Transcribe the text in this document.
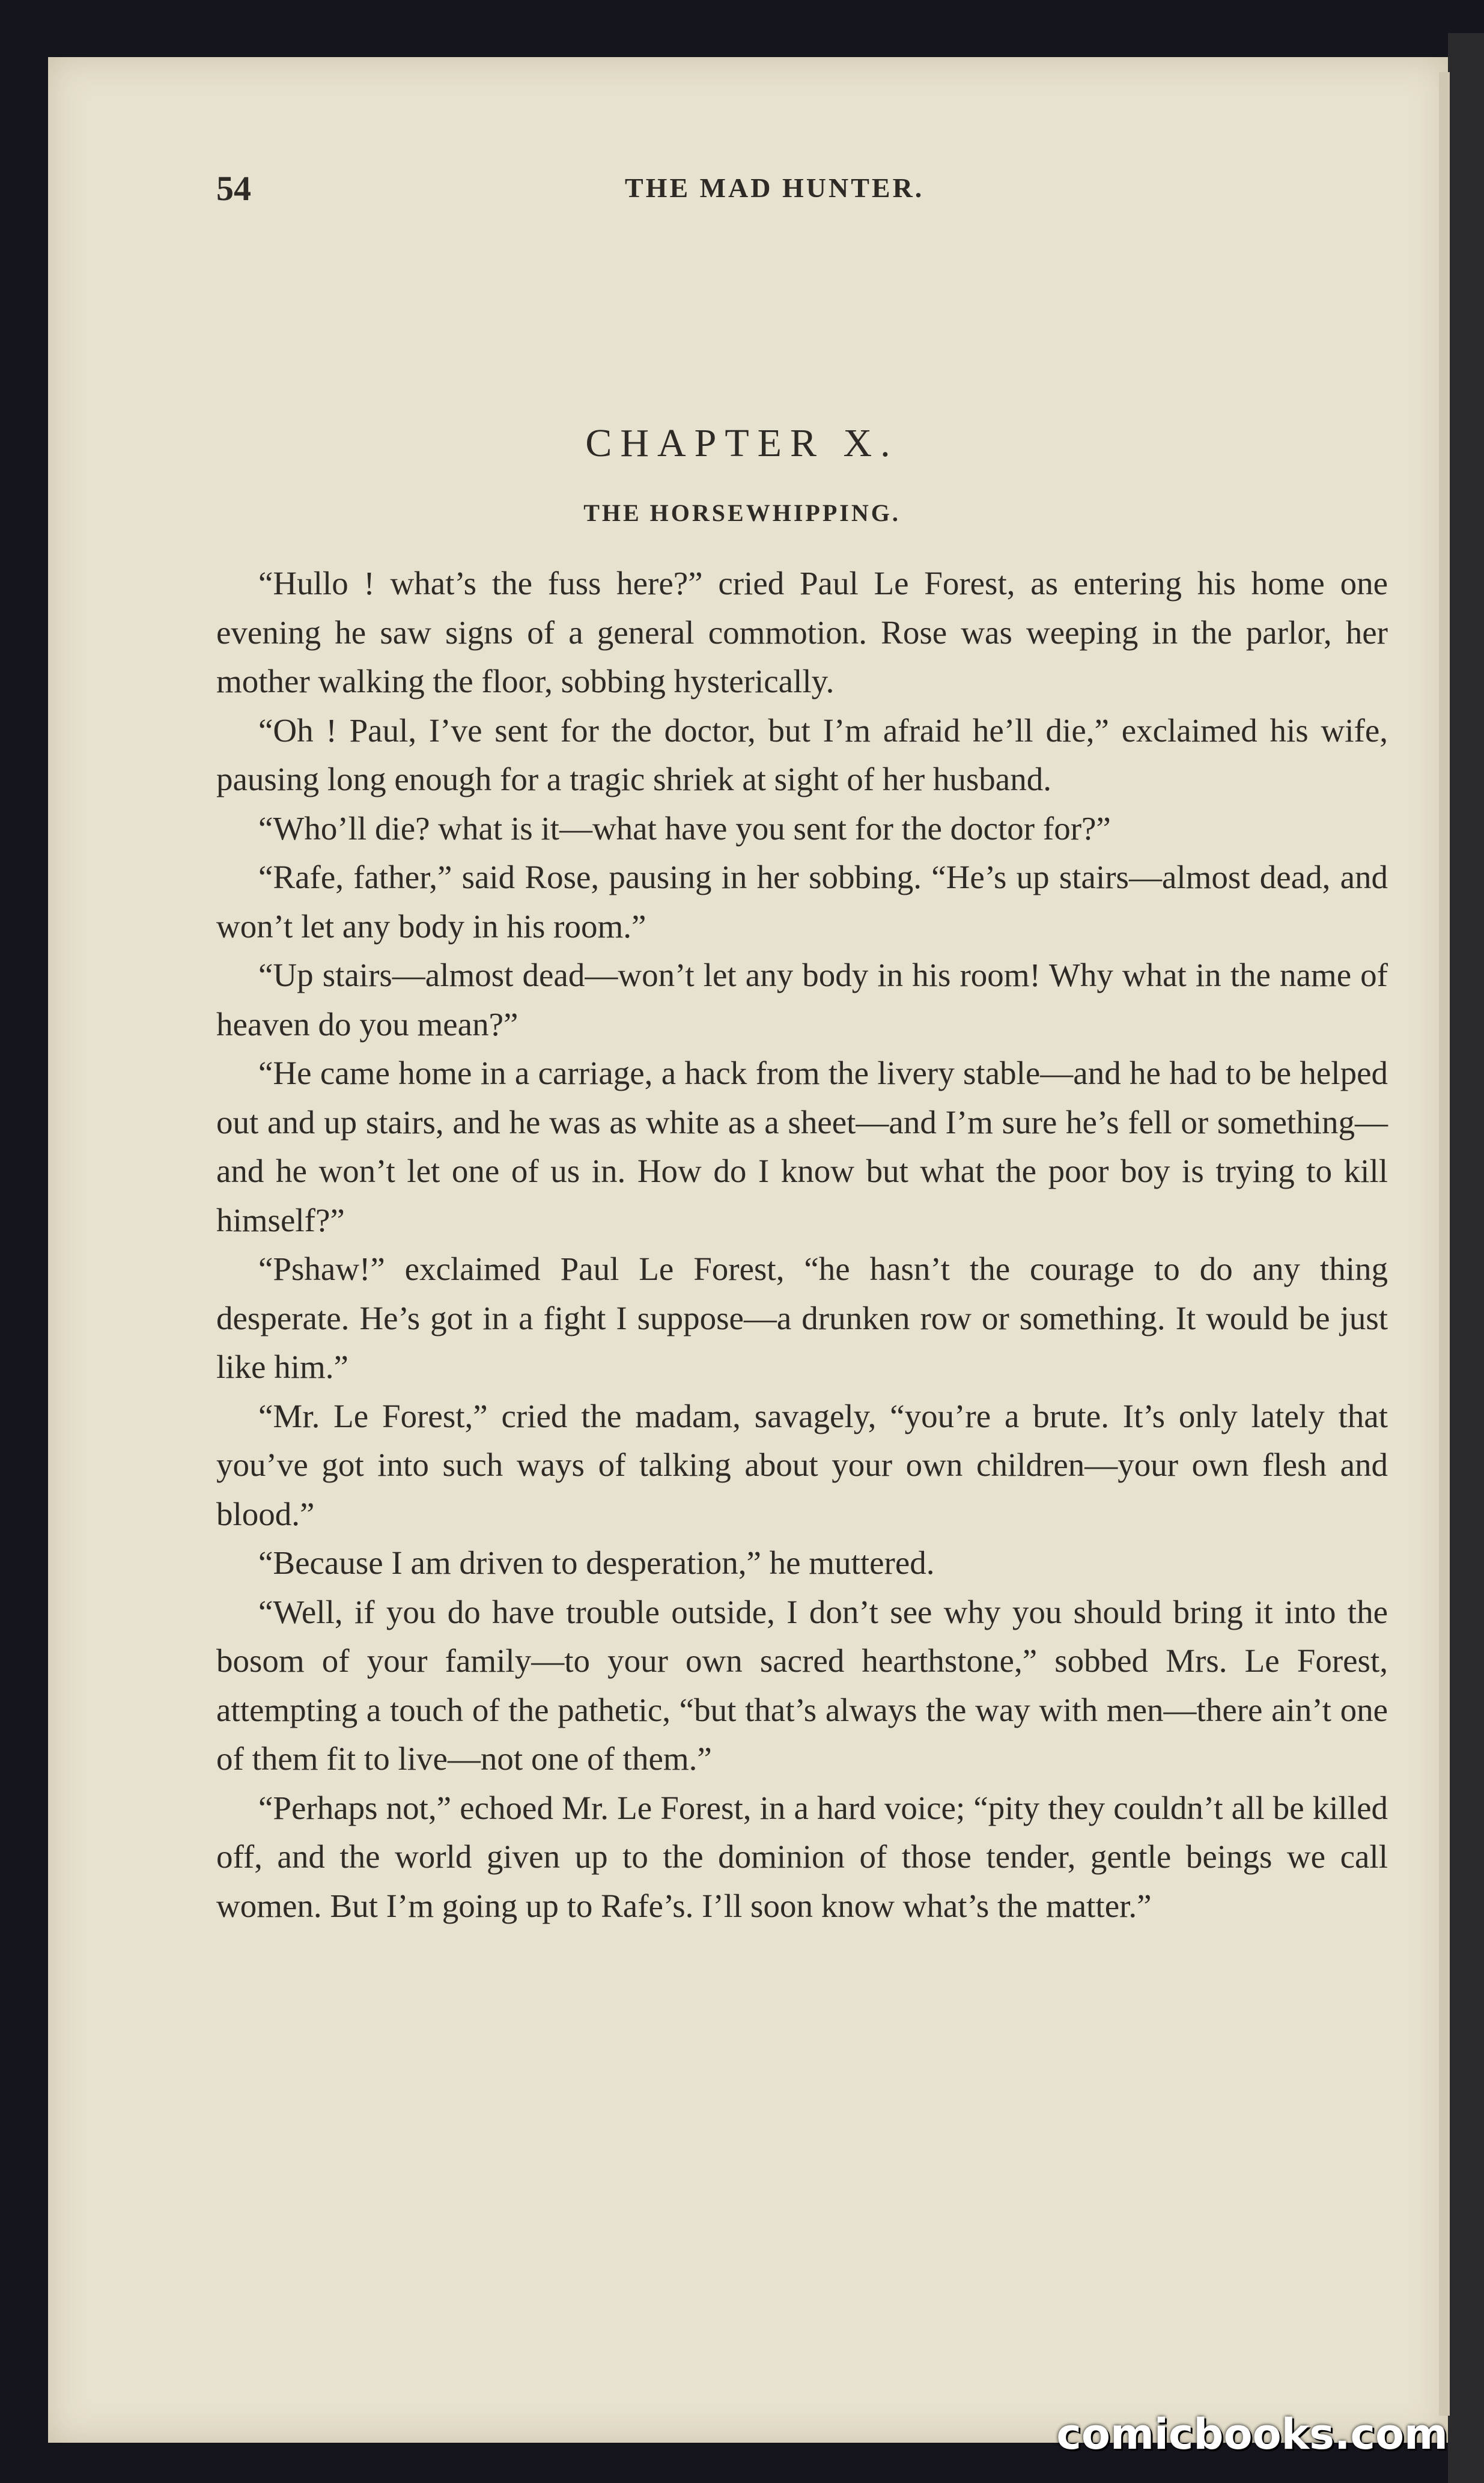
54	THE MAD HUNTER.
CHAPTER X.
THE HORSEWHIPPING.

“Hullo ! what’s the fuss here?” cried Paul Le Forest, as entering his home one evening he saw signs of a general commotion. Rose was weeping in the parlor, her mother walking the floor, sobbing hysterically.

“Oh ! Paul, I’ve sent for the doctor, but I’m afraid he’ll die,” exclaimed his wife, pausing long enough for a tragic shriek at sight of her husband.

“Who’ll die? what is it—what have you sent for the doctor for?”

“Rafe, father,” said Rose, pausing in her sobbing. “He’s up stairs—almost dead, and won’t let any body in his room.”

“Up stairs—almost dead—won’t let any body in his room! Why what in the name of heaven do you mean?”

“He came home in a carriage, a hack from the livery stable—and he had to be helped out and up stairs, and he was as white as a sheet—and I’m sure he’s fell or something—and he won’t let one of us in. How do I know but what the poor boy is trying to kill himself?”

“Pshaw!” exclaimed Paul Le Forest, “he hasn’t the courage to do any thing desperate. He’s got in a fight I suppose—a drunken row or something. It would be just like him.”

“Mr. Le Forest,” cried the madam, savagely, “you’re a brute. It’s only lately that you’ve got into such ways of talking about your own children—your own flesh and blood.”

“Because I am driven to desperation,” he muttered.

“Well, if you do have trouble outside, I don’t see why you should bring it into the bosom of your family—to your own sacred hearthstone,” sobbed Mrs. Le Forest, attempting a touch of the pathetic, “but that’s always the way with men—there ain’t one of them fit to live—not one of them.”

“Perhaps not,” echoed Mr. Le Forest, in a hard voice; “pity they couldn’t all be killed off, and the world given up to the dominion of those tender, gentle beings we call women. But I’m going up to Rafe’s. I’ll soon know what’s the matter.”

comicbooks.com
